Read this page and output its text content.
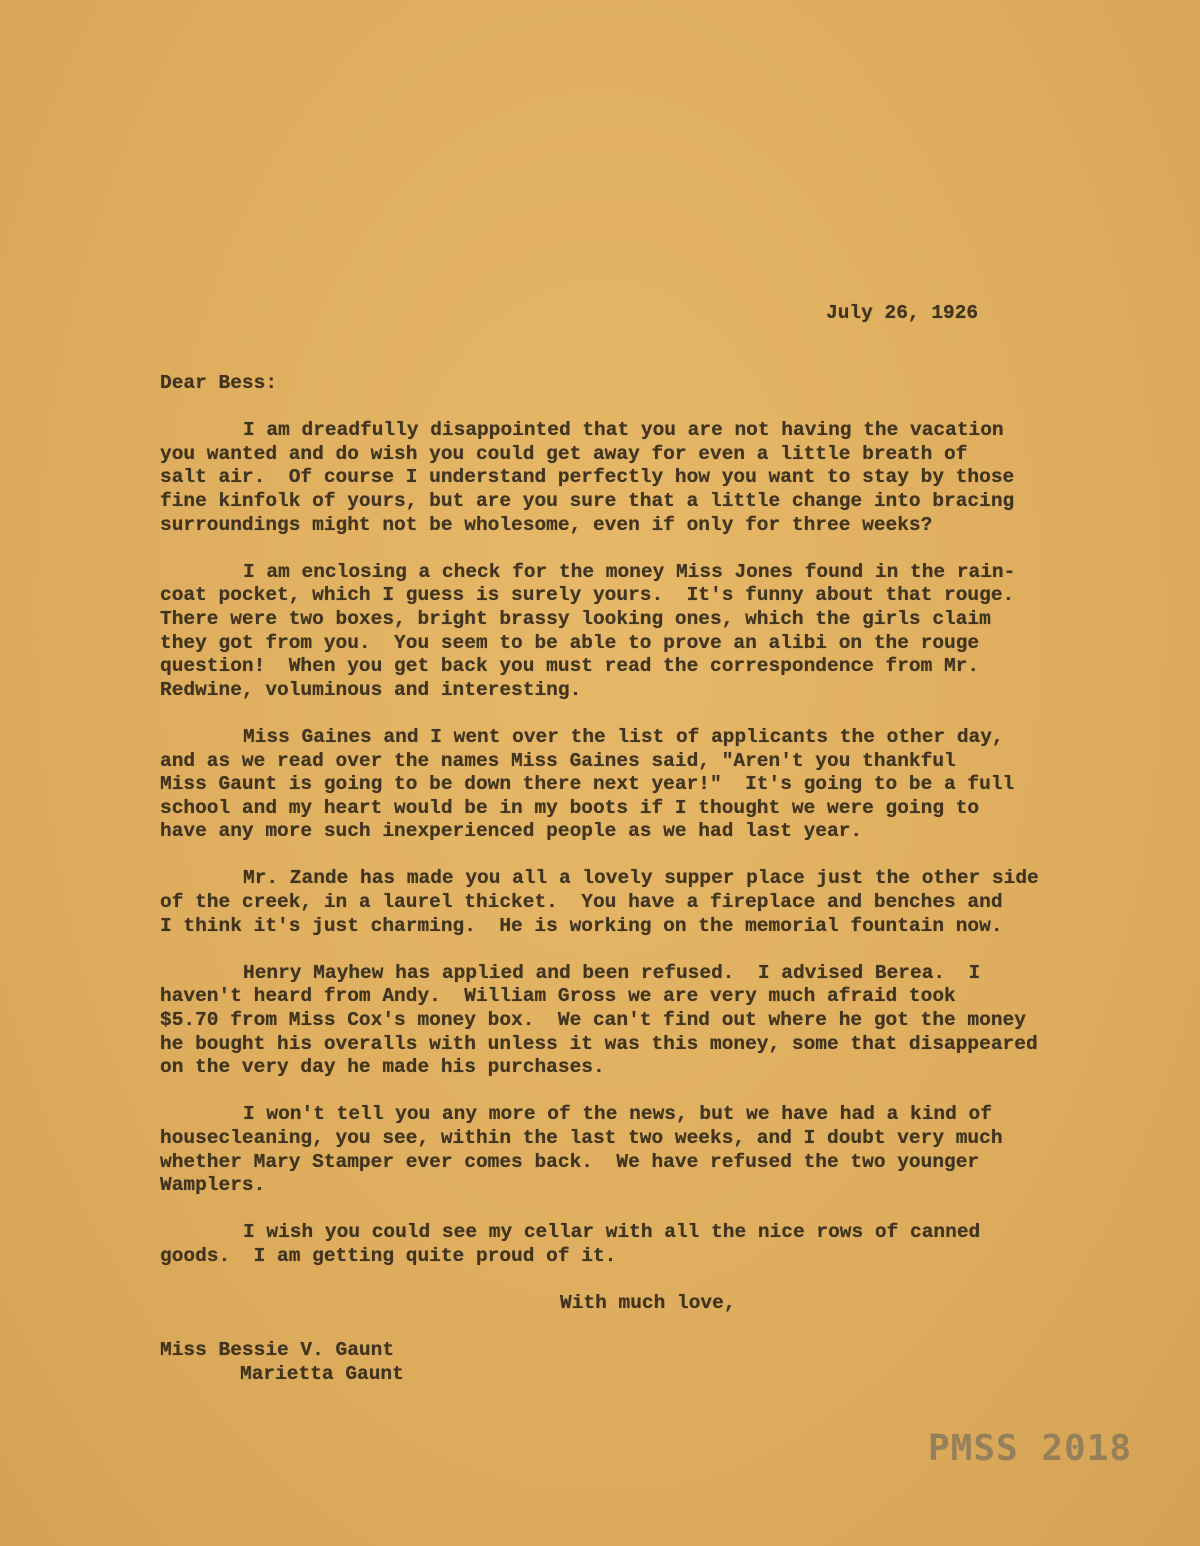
July 26, 1926
Dear Bess:
I am dreadfully disappointed that you are not having the vacation
you wanted and do wish you could get away for even a little breath of
salt air.  Of course I understand perfectly how you want to stay by those
fine kinfolk of yours, but are you sure that a little change into bracing
surroundings might not be wholesome, even if only for three weeks?
I am enclosing a check for the money Miss Jones found in the rain-
coat pocket, which I guess is surely yours.  It's funny about that rouge.
There were two boxes, bright brassy looking ones, which the girls claim
they got from you.  You seem to be able to prove an alibi on the rouge
question!  When you get back you must read the correspondence from Mr.
Redwine, voluminous and interesting.
Miss Gaines and I went over the list of applicants the other day,
and as we read over the names Miss Gaines said, "Aren't you thankful
Miss Gaunt is going to be down there next year!"  It's going to be a full
school and my heart would be in my boots if I thought we were going to
have any more such inexperienced people as we had last year.
Mr. Zande has made you all a lovely supper place just the other side
of the creek, in a laurel thicket.  You have a fireplace and benches and
I think it's just charming.  He is working on the memorial fountain now.
Henry Mayhew has applied and been refused.  I advised Berea.  I
haven't heard from Andy.  William Gross we are very much afraid took
$5.70 from Miss Cox's money box.  We can't find out where he got the money
he bought his overalls with unless it was this money, some that disappeared
on the very day he made his purchases.
I won't tell you any more of the news, but we have had a kind of
housecleaning, you see, within the last two weeks, and I doubt very much
whether Mary Stamper ever comes back.  We have refused the two younger
Wamplers.
I wish you could see my cellar with all the nice rows of canned
goods.  I am getting quite proud of it.
With much love,
Miss Bessie V. Gaunt
Marietta Gaunt
PMSS 2018
